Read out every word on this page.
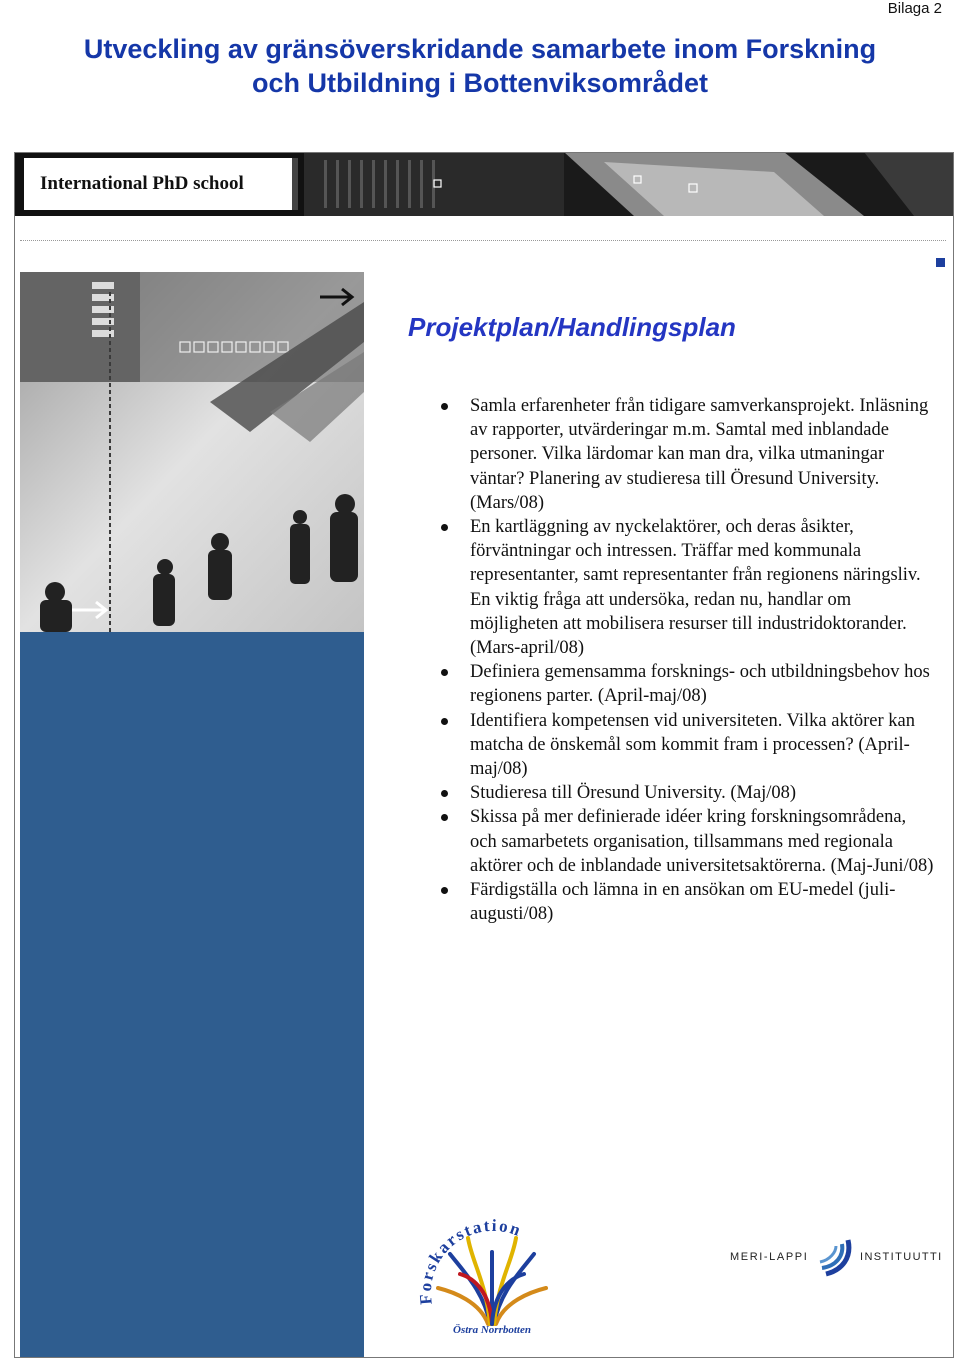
Bilaga 2
Utveckling av gränsöverskridande samarbete inom Forskning
och Utbildning i Bottenviksområdet
International PhD school
Projektplan/Handlingsplan
Samla erfarenheter från tidigare samverkansprojekt. Inläsning av rapporter, utvärderingar m.m. Samtal med inblandade personer. Vilka lärdomar kan man dra, vilka utmaningar väntar? Planering av studieresa till Öresund University. (Mars/08)
En kartläggning av nyckelaktörer, och deras åsikter, förväntningar och intressen. Träffar med kommunala representanter, samt representanter från regionens näringsliv. En viktig fråga att undersöka, redan nu, handlar om möjligheten att mobilisera resurser till industridoktorander. (Mars-april/08)
Definiera gemensamma forsknings- och utbildningsbehov hos regionens parter. (April-maj/08)
Identifiera kompetensen vid universiteten. Vilka aktörer kan matcha de önskemål som kommit fram i processen? (April-maj/08)
Studieresa till Öresund University. (Maj/08)
Skissa på mer definierade idéer kring forskningsområdena, och samarbetets organisation, tillsammans med regionala aktörer och de inblandade universitetsaktörerna. (Maj-Juni/08)
Färdigställa och lämna in en ansökan om EU-medel (juli-augusti/08)
Forskarstation
Östra Norrbotten
MERI-LAPPI	INSTITUUTTI
